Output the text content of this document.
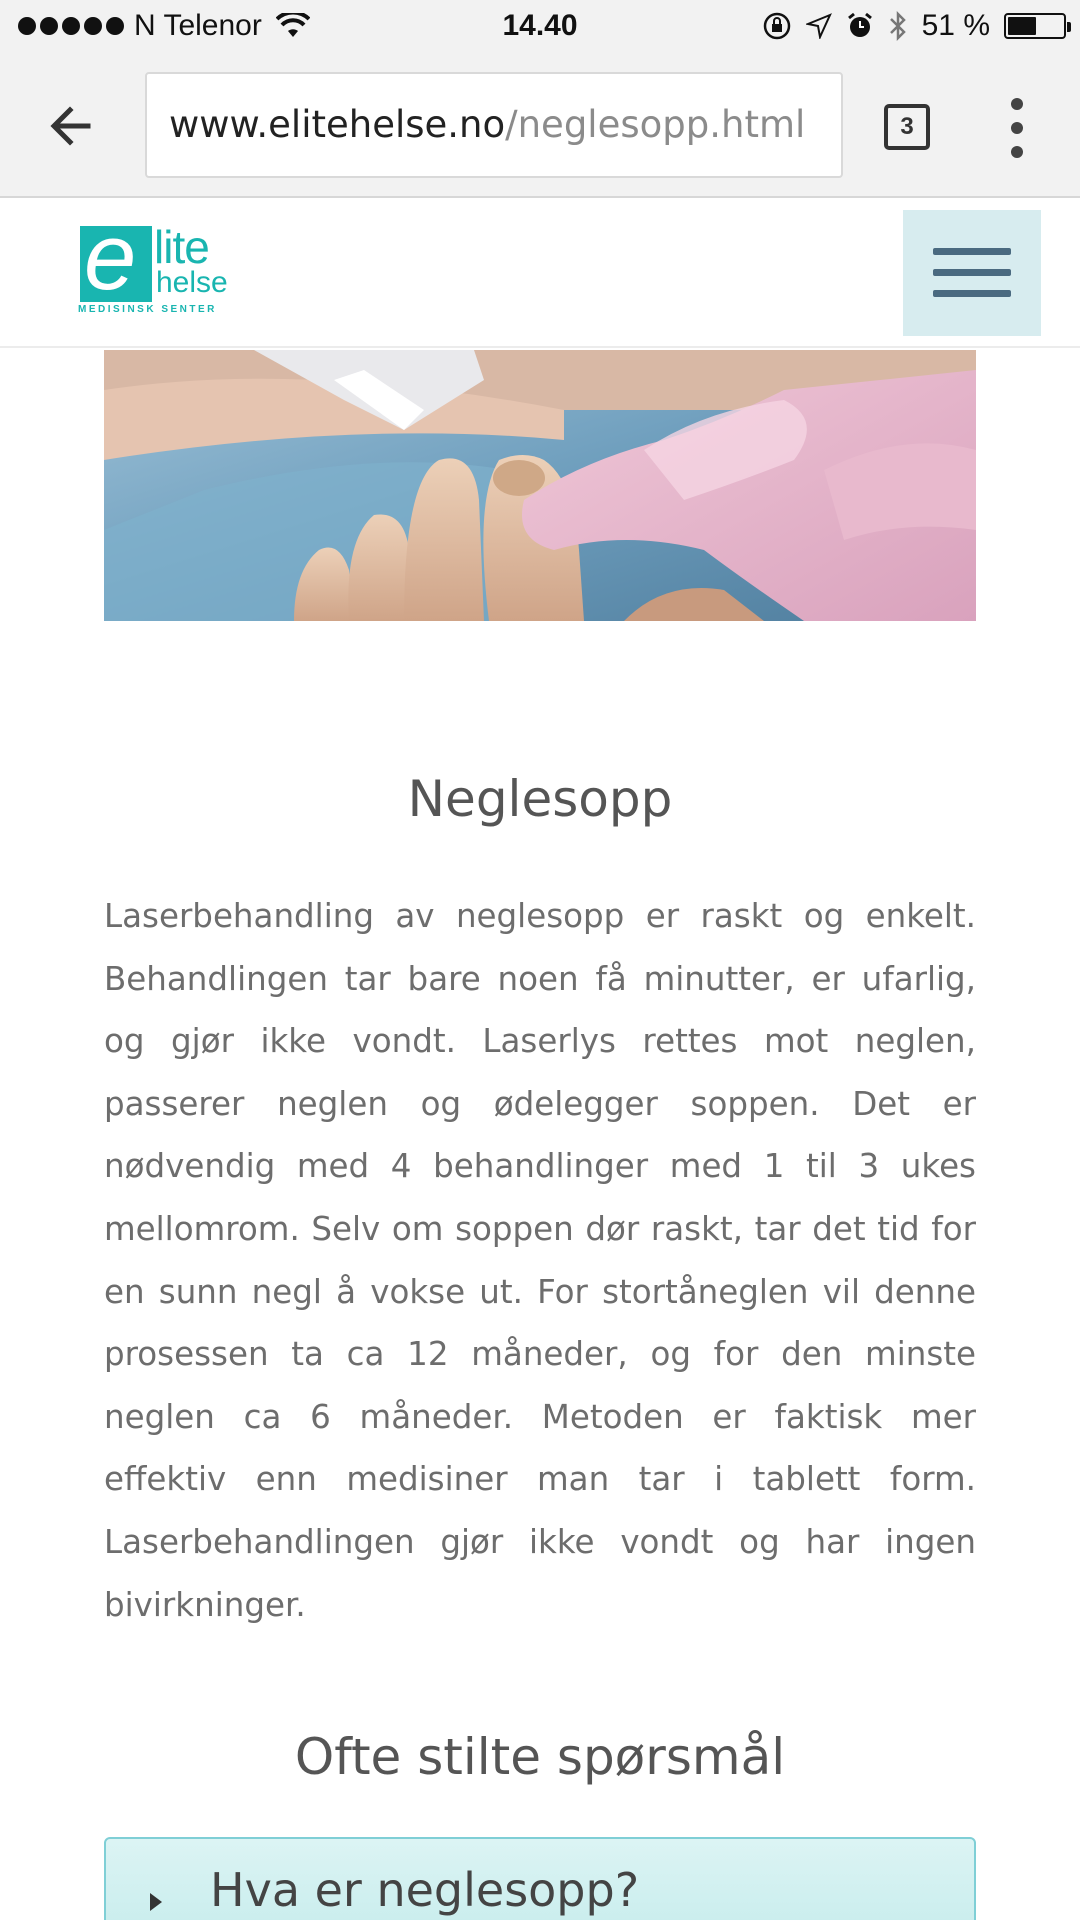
N Telenor	14.40	51 %
www.elitehelse.no/neglesopp.html	3
e lite
helse
MEDISINSK SENTER
Neglesopp

Laserbehandling av neglesopp er raskt og enkelt. Behandlingen tar bare noen få minutter, er ufarlig, og gjør ikke vondt. Laserlys rettes mot neglen, passerer neglen og ødelegger soppen. Det er nødvendig med 4 behandlinger med 1 til 3 ukes mellomrom. Selv om soppen dør raskt, tar det tid for en sunn negl å vokse ut. For stortåneglen vil denne prosessen ta ca 12 måneder, og for den minste neglen ca 6 måneder. Metoden er faktisk mer effektiv enn medisiner man tar i tablett form. Laserbehandlingen gjør ikke vondt og har ingen bivirkninger.

Ofte stilte spørsmål
Hva er neglesopp?
